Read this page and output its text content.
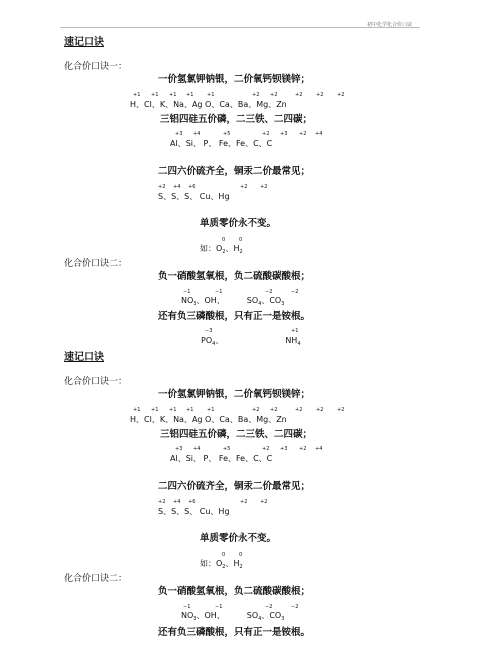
初中化学化合价口诀
速记口诀
化合价口诀一：
一价氢氯钾钠银，二价氧钙钡镁锌；
+1 +1 +1 +1	+1	+2 +2	+2	+2	+2
H、Cl、K、Na、Ag O、Ca、Ba、Mg、Zn
三铝四硅五价磷，二三铁、二四碳；
+3 +4	+5	+2 +3 +2 +4
Al、Si、 P、 Fe、Fe、C、C
二四六价硫齐全，铜汞二价最常见；
+2 +4 +6	+2	+2
S、S、S、 Cu、Hg
单质零价永不变。
0	0
如：$O_2$、$H_2$
化合价口诀二：
负一硝酸氢氧根，负二硫酸碳酸根；
−1	−1	−2	−2
$NO_3$、OH、	$SO_4$、$CO_3$
还有负三磷酸根，只有正一是铵根。
−3	+1
$PO_4$、	$NH_4$
速记口诀
化合价口诀一：
一价氢氯钾钠银，二价氧钙钡镁锌；
+1 +1 +1 +1	+1	+2 +2	+2	+2	+2
H、Cl、K、Na、Ag O、Ca、Ba、Mg、Zn
三铝四硅五价磷，二三铁、二四碳；
+3 +4	+5	+2 +3 +2 +4
Al、Si、 P、 Fe、Fe、C、C
二四六价硫齐全，铜汞二价最常见；
+2 +4 +6	+2	+2
S、S、S、 Cu、Hg
单质零价永不变。
0	0
如：$O_2$、$H_2$
化合价口诀二：
负一硝酸氢氧根，负二硫酸碳酸根；
−1	−1	−2	−2
$NO_3$、OH、	$SO_4$、$CO_3$
还有负三磷酸根，只有正一是铵根。
